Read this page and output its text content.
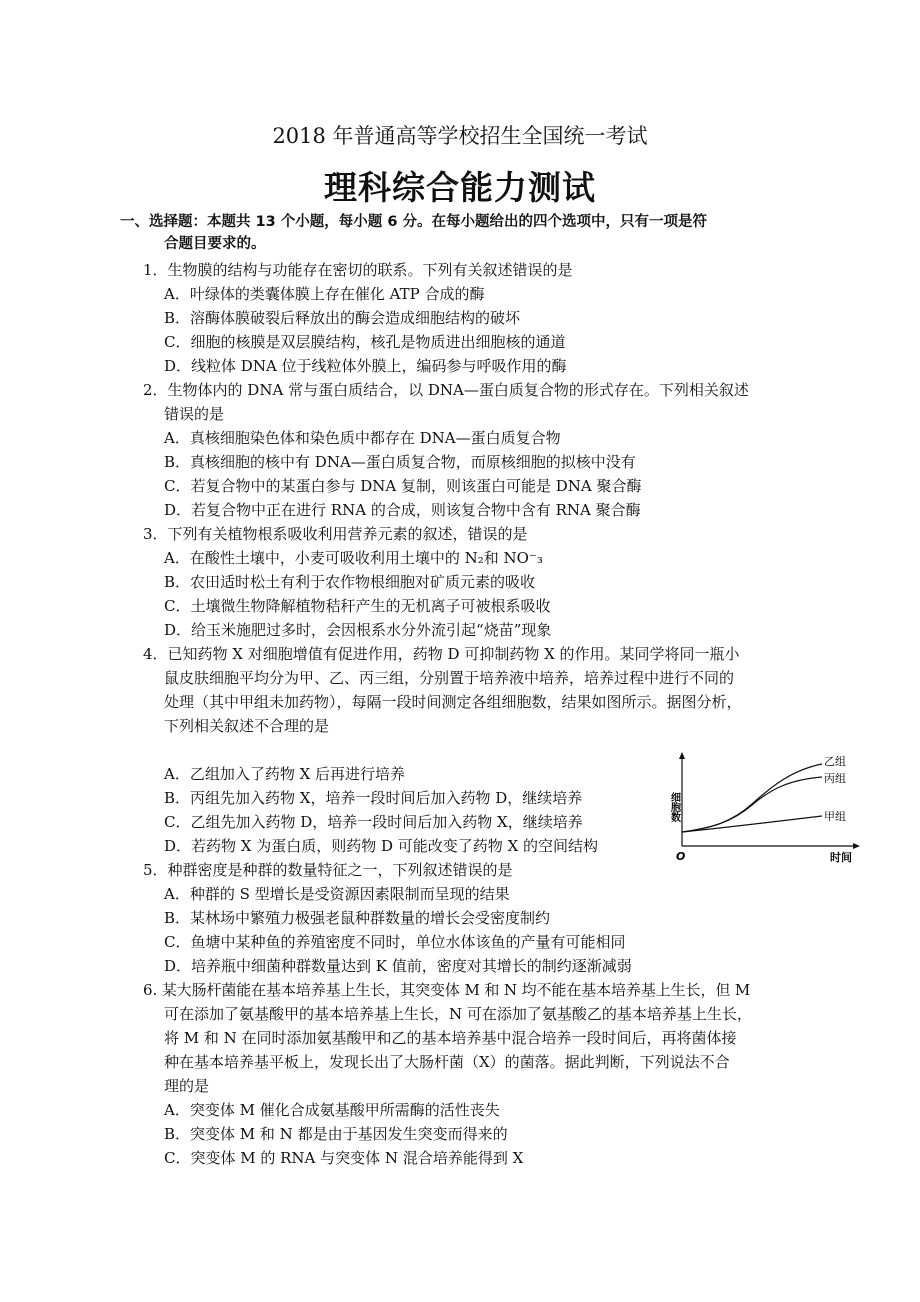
2018 年普通高等学校招生全国统一考试
理科综合能力测试
一、选择题：本题共 13 个小题，每小题 6 分。在每小题给出的四个选项中，只有一项是符
合题目要求的。
1．生物膜的结构与功能存在密切的联系。下列有关叙述错误的是
A．叶绿体的类囊体膜上存在催化 ATP 合成的酶
B．溶酶体膜破裂后释放出的酶会造成细胞结构的破坏
C．细胞的核膜是双层膜结构，核孔是物质进出细胞核的通道
D．线粒体 DNA 位于线粒体外膜上，编码参与呼吸作用的酶
2．生物体内的 DNA 常与蛋白质结合，以 DNA—蛋白质复合物的形式存在。下列相关叙述
错误的是
A．真核细胞染色体和染色质中都存在 DNA—蛋白质复合物
B．真核细胞的核中有 DNA—蛋白质复合物，而原核细胞的拟核中没有
C．若复合物中的某蛋白参与 DNA 复制，则该蛋白可能是 DNA 聚合酶
D．若复合物中正在进行 RNA 的合成，则该复合物中含有 RNA 聚合酶
3．下列有关植物根系吸收利用营养元素的叙述，错误的是
A．在酸性土壤中，小麦可吸收利用土壤中的 N₂和 NO⁻₃
B．农田适时松土有利于农作物根细胞对矿质元素的吸收
C．土壤微生物降解植物秸秆产生的无机离子可被根系吸收
D．给玉米施肥过多时，会因根系水分外流引起“烧苗”现象
4．已知药物 X 对细胞增值有促进作用，药物 D 可抑制药物 X 的作用。某同学将同一瓶小
鼠皮肤细胞平均分为甲、乙、丙三组，分别置于培养液中培养，培养过程中进行不同的
处理（其中甲组未加药物），每隔一段时间测定各组细胞数，结果如图所示。据图分析，
下列相关叙述不合理的是
A．乙组加入了药物 X 后再进行培养
B．丙组先加入药物 X，培养一段时间后加入药物 D，继续培养
C．乙组先加入药物 D，培养一段时间后加入药物 X，继续培养
D．若药物 X 为蛋白质，则药物 D 可能改变了药物 X 的空间结构
5．种群密度是种群的数量特征之一，下列叙述错误的是
A．种群的 S 型增长是受资源因素限制而呈现的结果
B．某林场中繁殖力极强老鼠种群数量的增长会受密度制约
C．鱼塘中某种鱼的养殖密度不同时，单位水体该鱼的产量有可能相同
D．培养瓶中细菌种群数量达到 K 值前，密度对其增长的制约逐渐减弱
6. 某大肠杆菌能在基本培养基上生长，其突变体 M 和 N 均不能在基本培养基上生长，但 M
可在添加了氨基酸甲的基本培养基上生长，N 可在添加了氨基酸乙的基本培养基上生长，
将 M 和 N 在同时添加氨基酸甲和乙的基本培养基中混合培养一段时间后，再将菌体接
种在基本培养基平板上，发现长出了大肠杆菌（X）的菌落。据此判断，下列说法不合
理的是
A．突变体 M 催化合成氨基酸甲所需酶的活性丧失
B．突变体 M 和 N 都是由于基因发生突变而得来的
C．突变体 M 的 RNA 与突变体 N 混合培养能得到 X
乙组
丙组
甲组
细胞数
时间
O
